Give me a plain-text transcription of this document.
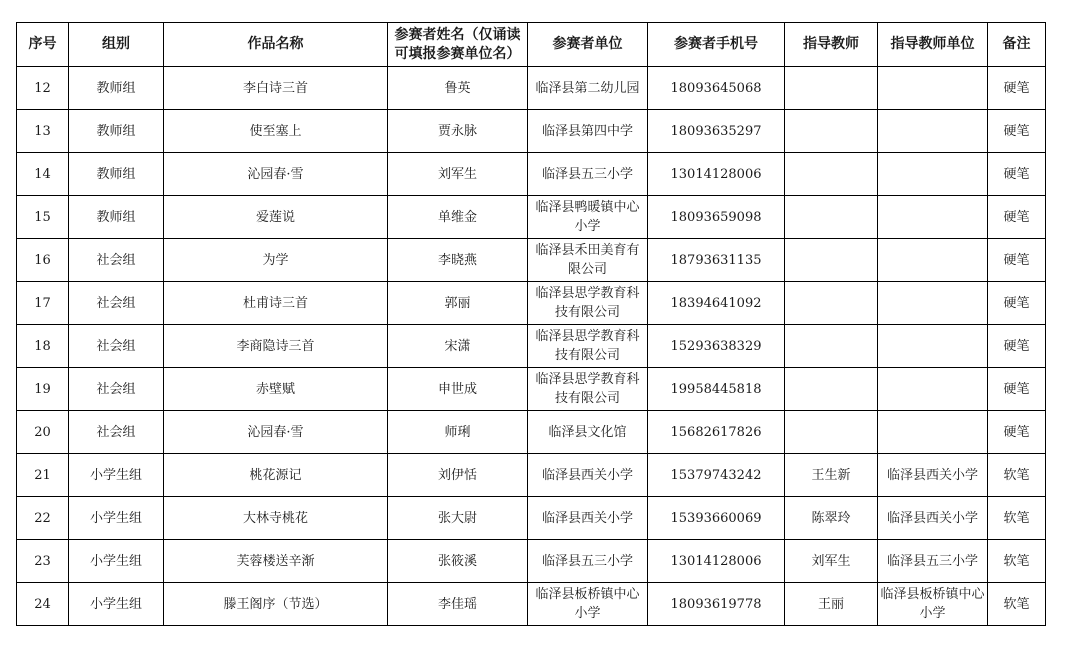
序号	组别	作品名称	参赛者姓名（仅诵读可填报参赛单位名）	参赛者单位	参赛者手机号	指导教师	指导教师单位	备注
12	教师组	李白诗三首	鲁英	临泽县第二幼儿园	18093645068			硬笔
13	教师组	使至塞上	贾永脉	临泽县第四中学	18093635297			硬笔
14	教师组	沁园春·雪	刘军生	临泽县五三小学	13014128006			硬笔
15	教师组	爱莲说	单维金	临泽县鸭暖镇中心小学	18093659098			硬笔
16	社会组	为学	李晓燕	临泽县禾田美育有限公司	18793631135			硬笔
17	社会组	杜甫诗三首	郭丽	临泽县思学教育科技有限公司	18394641092			硬笔
18	社会组	李商隐诗三首	宋潇	临泽县思学教育科技有限公司	15293638329			硬笔
19	社会组	赤壁赋	申世成	临泽县思学教育科技有限公司	19958445818			硬笔
20	社会组	沁园春·雪	师琍	临泽县文化馆	15682617826			硬笔
21	小学生组	桃花源记	刘伊恬	临泽县西关小学	15379743242	王生新	临泽县西关小学	软笔
22	小学生组	大林寺桃花	张大尉	临泽县西关小学	15393660069	陈翠玲	临泽县西关小学	软笔
23	小学生组	芙蓉楼送辛渐	张筱溪	临泽县五三小学	13014128006	刘军生	临泽县五三小学	软笔
24	小学生组	滕王阁序（节选）	李佳瑶	临泽县板桥镇中心小学	18093619778	王丽	临泽县板桥镇中心小学	软笔
